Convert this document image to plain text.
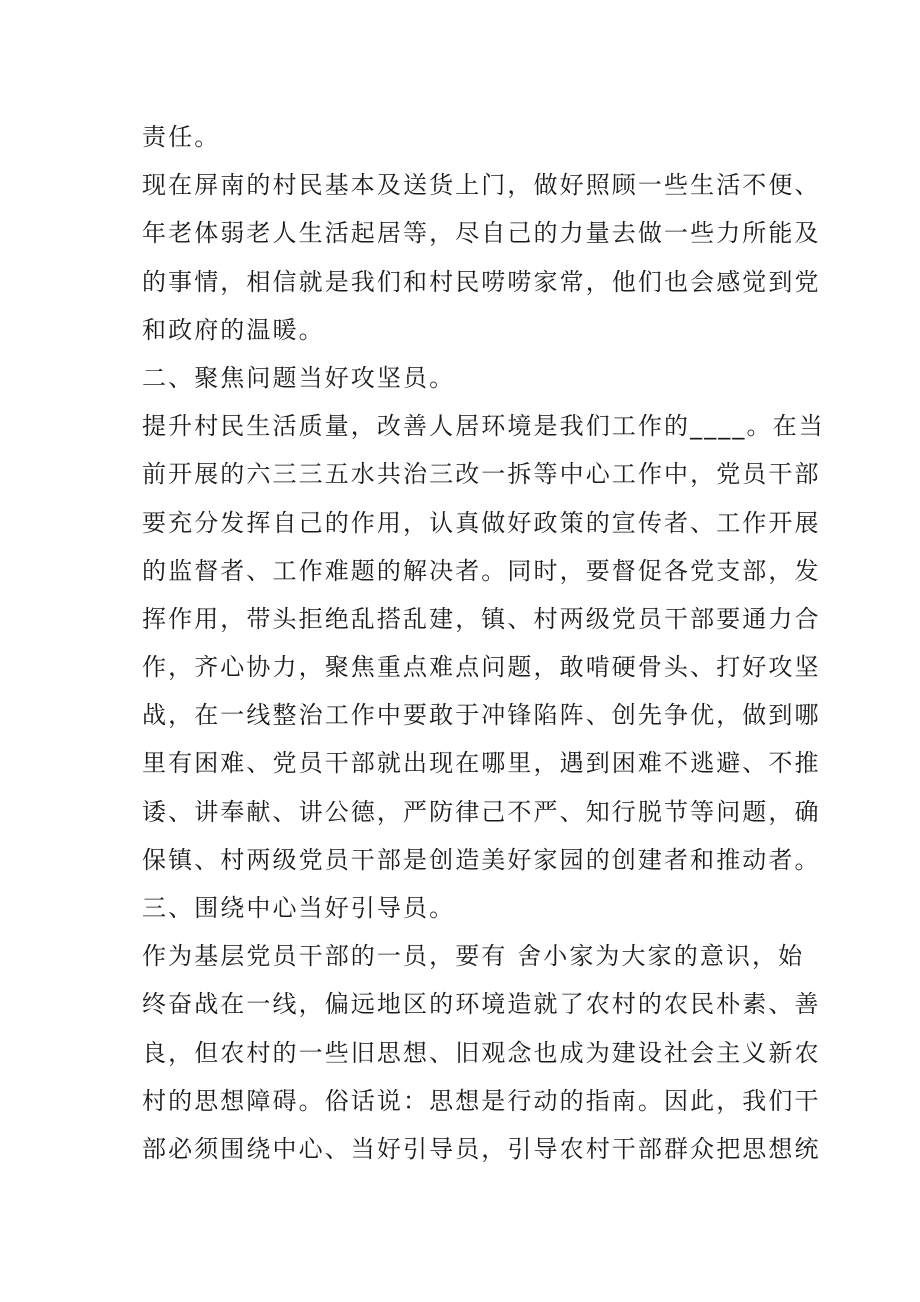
责任。
现在屏南的村民基本及送货上门，做好照顾一些生活不便、
年老体弱老人生活起居等，尽自己的力量去做一些力所能及
的事情，相信就是我们和村民唠唠家常，他们也会感觉到党
和政府的温暖。
二、聚焦问题当好攻坚员。
提升村民生活质量，改善人居环境是我们工作的____。在当
前开展的六三三五水共治三改一拆等中心工作中，党员干部
要充分发挥自己的作用，认真做好政策的宣传者、工作开展
的监督者、工作难题的解决者。同时，要督促各党支部，发
挥作用，带头拒绝乱搭乱建，镇、村两级党员干部要通力合
作，齐心协力，聚焦重点难点问题，敢啃硬骨头、打好攻坚
战，在一线整治工作中要敢于冲锋陷阵、创先争优，做到哪
里有困难、党员干部就出现在哪里，遇到困难不逃避、不推
诿、讲奉献、讲公德，严防律己不严、知行脱节等问题，确
保镇、村两级党员干部是创造美好家园的创建者和推动者。
三、围绕中心当好引导员。
作为基层党员干部的一员，要有 舍小家为大家的意识，始
终奋战在一线，偏远地区的环境造就了农村的农民朴素、善
良，但农村的一些旧思想、旧观念也成为建设社会主义新农
村的思想障碍。俗话说：思想是行动的指南。因此，我们干
部必须围绕中心、当好引导员，引导农村干部群众把思想统
